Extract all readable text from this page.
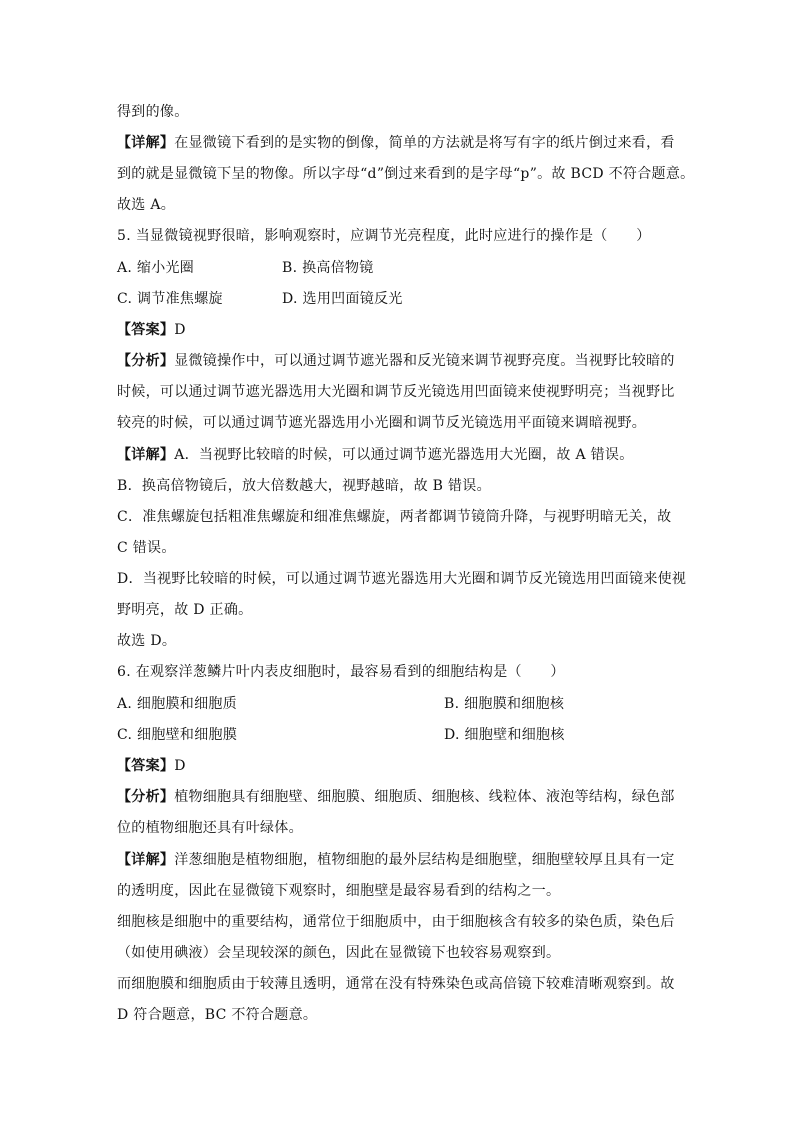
得到的像。
【详解】在显微镜下看到的是实物的倒像，简单的方法就是将写有字的纸片倒过来看，看
到的就是显微镜下呈的物像。所以字母“d”倒过来看到的是字母“p”。故 BCD 不符合题意。
故选 A。
5. 当显微镜视野很暗，影响观察时，应调节光亮程度，此时应进行的操作是（　　）
A. 缩小光圈	B. 换高倍物镜
C. 调节准焦螺旋	D. 选用凹面镜反光
【答案】D
【分析】显微镜操作中，可以通过调节遮光器和反光镜来调节视野亮度。当视野比较暗的
时候，可以通过调节遮光器选用大光圈和调节反光镜选用凹面镜来使视野明亮；当视野比
较亮的时候，可以通过调节遮光器选用小光圈和调节反光镜选用平面镜来调暗视野。
【详解】A．当视野比较暗的时候，可以通过调节遮光器选用大光圈，故 A 错误。
B．换高倍物镜后，放大倍数越大，视野越暗，故 B 错误。
C．准焦螺旋包括粗准焦螺旋和细准焦螺旋，两者都调节镜筒升降，与视野明暗无关，故
C 错误。
D．当视野比较暗的时候，可以通过调节遮光器选用大光圈和调节反光镜选用凹面镜来使视
野明亮，故 D 正确。
故选 D。
6. 在观察洋葱鳞片叶内表皮细胞时，最容易看到的细胞结构是（　　）
A. 细胞膜和细胞质	B. 细胞膜和细胞核
C. 细胞壁和细胞膜	D. 细胞壁和细胞核
【答案】D
【分析】植物细胞具有细胞壁、细胞膜、细胞质、细胞核、线粒体、液泡等结构，绿色部
位的植物细胞还具有叶绿体。
【详解】洋葱细胞是植物细胞，植物细胞的最外层结构是细胞壁，细胞壁较厚且具有一定
的透明度，因此在显微镜下观察时，细胞壁是最容易看到的结构之一。
细胞核是细胞中的重要结构，通常位于细胞质中，由于细胞核含有较多的染色质，染色后
（如使用碘液）会呈现较深的颜色，因此在显微镜下也较容易观察到。
而细胞膜和细胞质由于较薄且透明，通常在没有特殊染色或高倍镜下较难清晰观察到。故
D 符合题意，BC 不符合题意。
